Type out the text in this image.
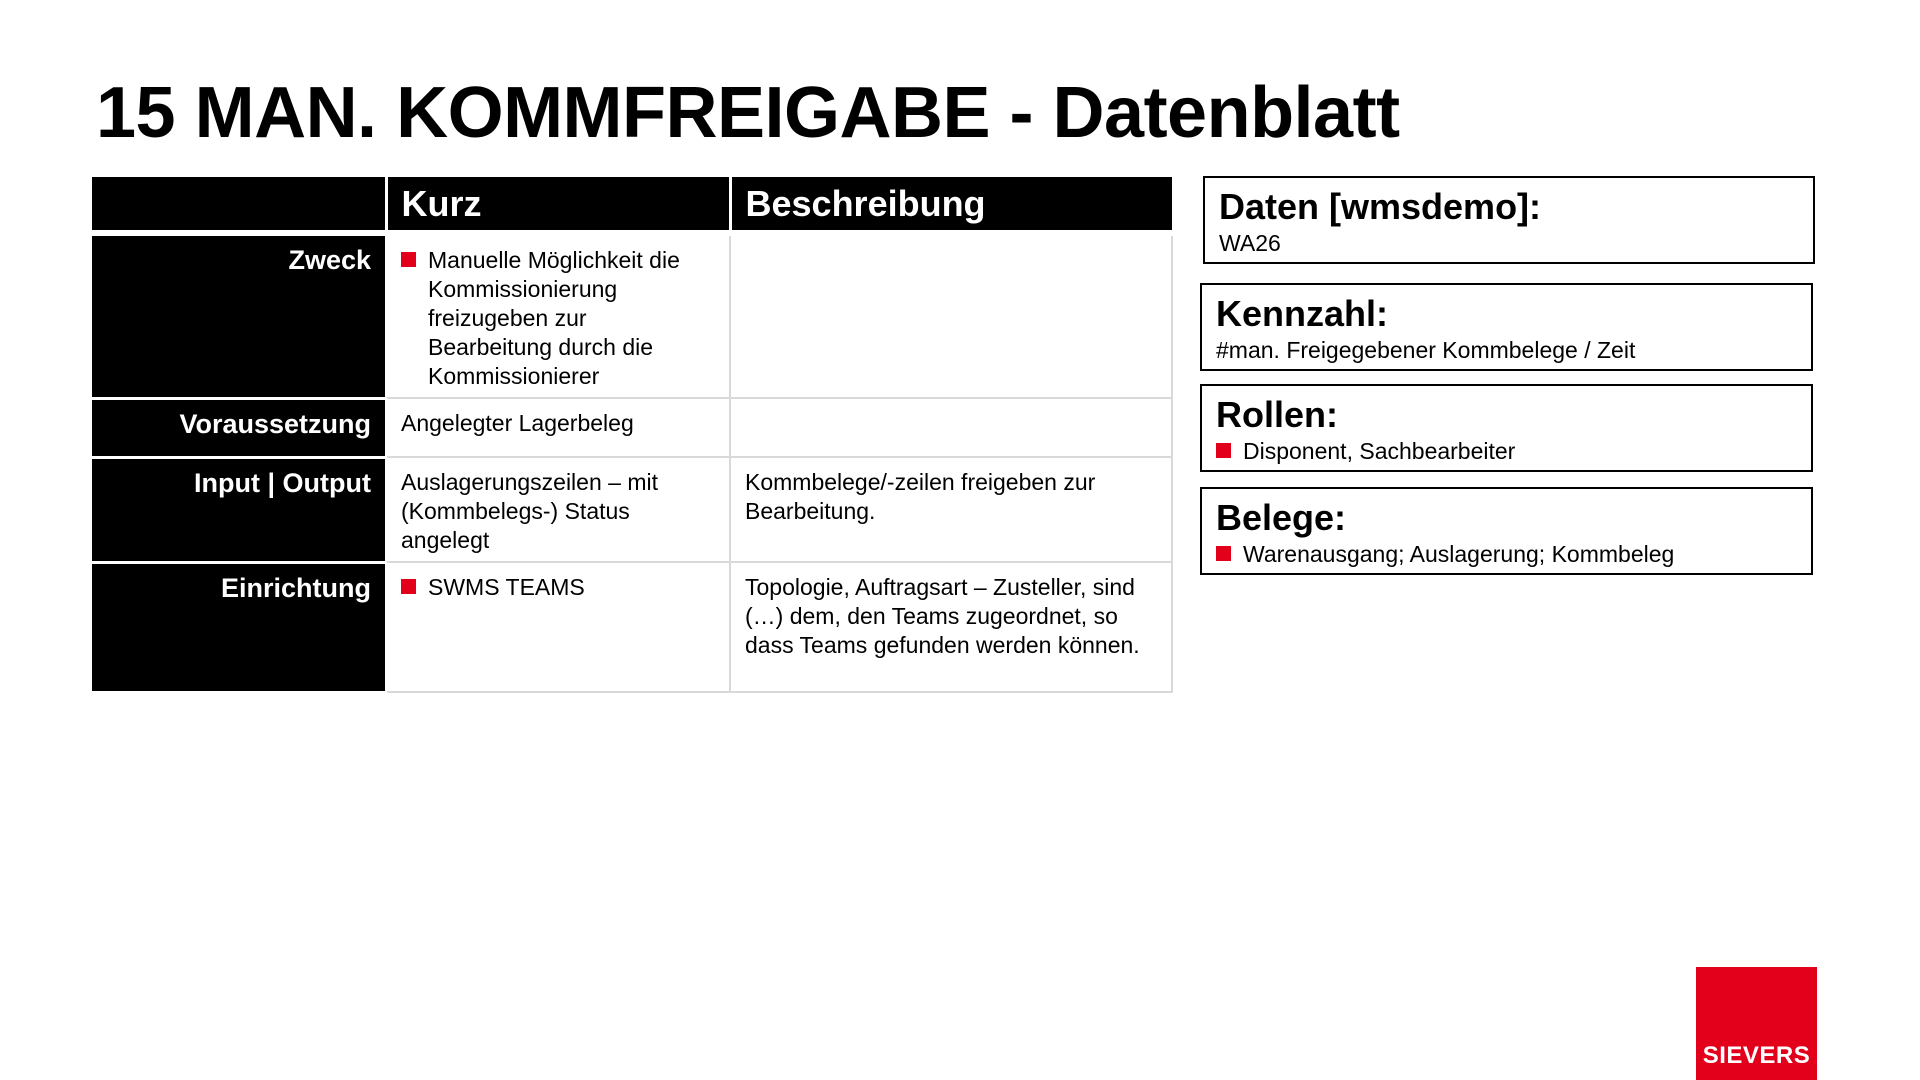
15 MAN. KOMMFREIGABE - Datenblatt
	Kurz	Beschreibung
Zweck	Manuelle Möglichkeit die Kommissionierung freizugeben zur Bearbeitung durch die Kommissionierer	

Voraussetzung	Angelegter Lagerbeleg	
Input | Output	Auslagerungszeilen – mit (Kommbelegs-) Status angelegt	Kommbelege/-zeilen freigeben zur Bearbeitung.
Einrichtung	SWMS TEAMS	Topologie, Auftragsart – Zusteller, sind (…) dem, den Teams zugeordnet, so dass Teams gefunden werden können.
Daten [wmsdemo]:
WA26
Kennzahl:
#man. Freigegebener Kommbelege / Zeit
Rollen:
Disponent, Sachbearbeiter
Belege:
Warenausgang; Auslagerung; Kommbeleg
SIEVERS
